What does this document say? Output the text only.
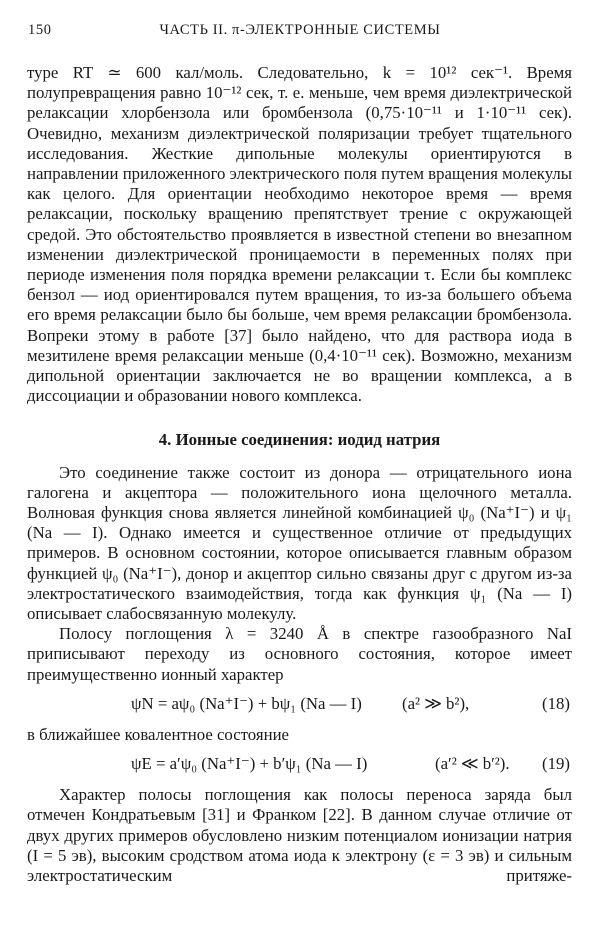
150	ЧАСТЬ II. π-ЭЛЕКТРОННЫЕ СИСТЕМЫ

туре RT ≃ 600 кал/моль. Следовательно, k = 10¹² сек⁻¹. Время полупревращения равно 10⁻¹² сек, т. е. меньше, чем время диэлектрической релаксации хлорбензола или бромбензола (0,75·10⁻¹¹ и 1·10⁻¹¹ сек). Очевидно, механизм диэлектрической поляризации требует тщательного исследования. Жесткие дипольные молекулы ориентируются в направлении приложенного электрического поля путем вращения молекулы как целого. Для ориентации необходимо некоторое время — время релаксации, поскольку вращению препятствует трение с окружающей средой. Это обстоятельство проявляется в известной степени во внезапном изменении диэлектрической проницаемости в переменных полях при периоде изменения поля порядка времени релаксации τ. Если бы комплекс бензол — иод ориентировался путем вращения, то из-за большего объема его время релаксации было бы больше, чем время релаксации бромбензола. Вопреки этому в работе [37] было найдено, что для раствора иода в мезитилене время релаксации меньше (0,4·10⁻¹¹ сек). Возможно, механизм дипольной ориентации заключается не во вращении комплекса, а в диссоциации и образовании нового комплекса.

4. Ионные соединения: иодид натрия

Это соединение также состоит из донора — отрицательного иона галогена и акцептора — положительного иона щелочного металла. Волновая функция снова является линейной комбинацией ψ₀ (Na⁺I⁻) и ψ₁ (Na — I). Однако имеется и существенное отличие от предыдущих примеров. В основном состоянии, которое описывается главным образом функцией ψ₀ (Na⁺I⁻), донор и акцептор сильно связаны друг с другом из-за электростатического взаимодействия, тогда как функция ψ₁ (Na — I) описывает слабосвязанную молекулу.

Полосу поглощения λ = 3240 Å в спектре газообразного NaI приписывают переходу из основного состояния, которое имеет преимущественно ионный характер

ψN = aψ₀ (Na⁺I⁻) + bψ₁ (Na — I) (a² ≫ b²),	(18)

в ближайшее ковалентное состояние

ψE = a′ψ₀ (Na⁺I⁻) + b′ψ₁ (Na — I)	(a′² ≪ b′²). (19)

Характер полосы поглощения как полосы переноса заряда был отмечен Кондратьевым [31] и Франком [22]. В данном случае отличие от двух других примеров обусловлено низким потенциалом ионизации натрия (I = 5 эв), высоким сродством атома иода к электрону (ε = 3 эв) и сильным электростатическим притяже-
